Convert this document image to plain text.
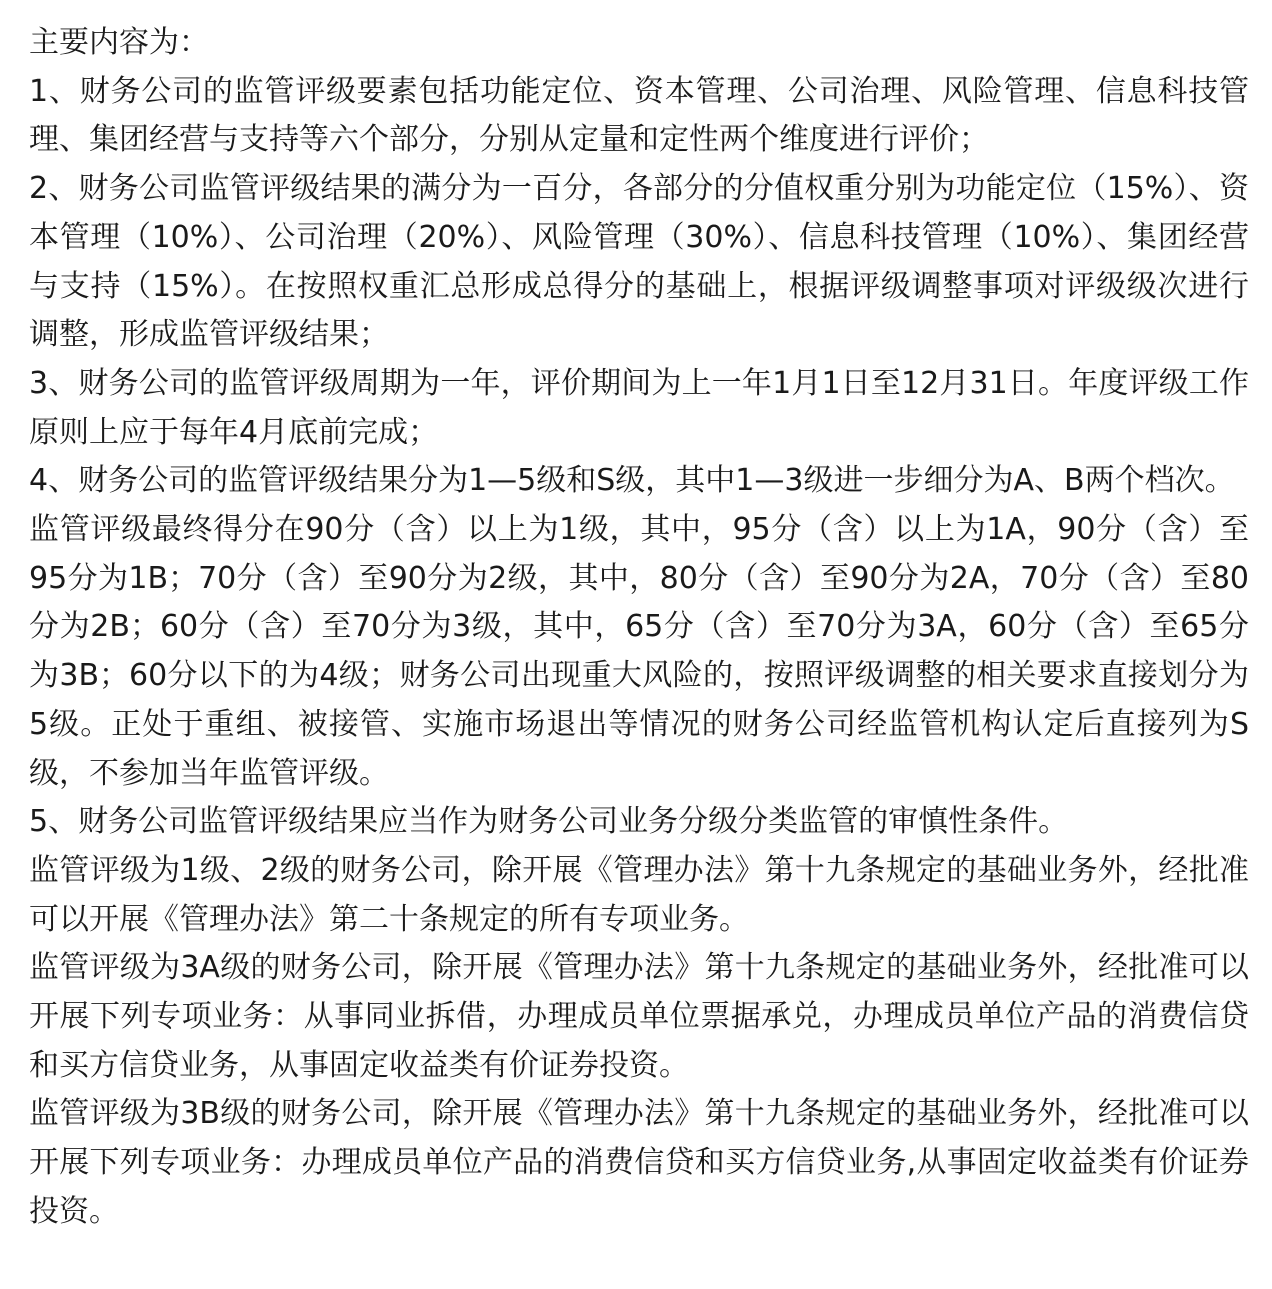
主要内容为：

1、财务公司的监管评级要素包括功能定位、资本管理、公司治理、风险管理、信息科技管理、集团经营与支持等六个部分，分别从定量和定性两个维度进行评价；

2、财务公司监管评级结果的满分为一百分，各部分的分值权重分别为功能定位（15%）、资本管理（10%）、公司治理（20%）、风险管理（30%）、信息科技管理（10%）、集团经营与支持（15%）。在按照权重汇总形成总得分的基础上，根据评级调整事项对评级级次进行调整，形成监管评级结果；

3、财务公司的监管评级周期为一年，评价期间为上一年1月1日至12月31日。年度评级工作原则上应于每年4月底前完成；

4、财务公司的监管评级结果分为1—5级和S级，其中1—3级进一步细分为A、B两个档次。

监管评级最终得分在90分（含）以上为1级，其中，95分（含）以上为1A，90分（含）至95分为1B；70分（含）至90分为2级，其中，80分（含）至90分为2A，70分（含）至80分为2B；60分（含）至70分为3级，其中，65分（含）至70分为3A，60分（含）至65分为3B；60分以下的为4级；财务公司出现重大风险的，按照评级调整的相关要求直接划分为5级。正处于重组、被接管、实施市场退出等情况的财务公司经监管机构认定后直接列为S级，不参加当年监管评级。

5、财务公司监管评级结果应当作为财务公司业务分级分类监管的审慎性条件。

监管评级为1级、2级的财务公司，除开展《管理办法》第十九条规定的基础业务外，经批准可以开展《管理办法》第二十条规定的所有专项业务。

监管评级为3A级的财务公司，除开展《管理办法》第十九条规定的基础业务外，经批准可以开展下列专项业务：从事同业拆借，办理成员单位票据承兑，办理成员单位产品的消费信贷和买方信贷业务，从事固定收益类有价证券投资。

监管评级为3B级的财务公司，除开展《管理办法》第十九条规定的基础业务外，经批准可以开展下列专项业务：办理成员单位产品的消费信贷和买方信贷业务,从事固定收益类有价证券投资。
